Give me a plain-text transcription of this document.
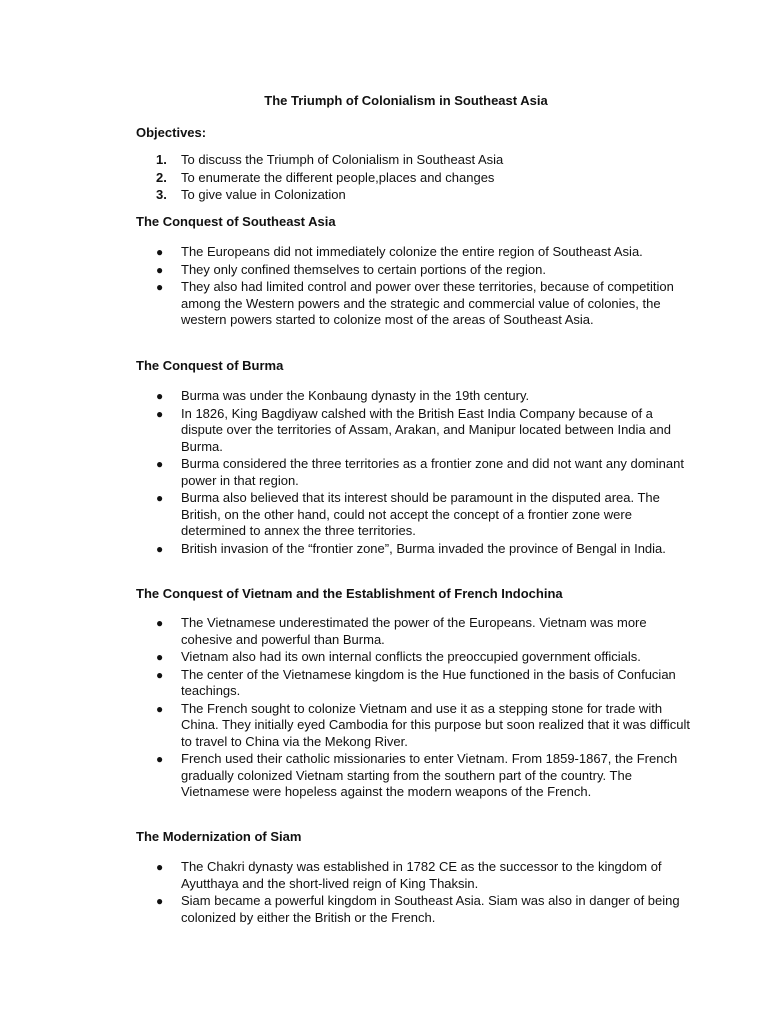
The Triumph of Colonialism in Southeast Asia

Objectives:

1. To discuss the Triumph of Colonialism in Southeast Asia
2. To enumerate the different people,places and changes
3. To give value in Colonization

The Conquest of Southeast Asia

● The Europeans did not immediately colonize the entire region of Southeast Asia.
● They only confined themselves to certain portions of the region.
● They also had limited control and power over these territories, because of competition among the Western powers and the strategic and commercial value of colonies, the western powers started to colonize most of the areas of Southeast Asia.

The Conquest of Burma

● Burma was under the Konbaung dynasty in the 19th century.
● In 1826, King Bagdiyaw calshed with the British East India Company because of a dispute over the territories of Assam, Arakan, and Manipur located between India and Burma.
● Burma considered the three territories as a frontier zone and did not want any dominant power in that region.
● Burma also believed that its interest should be paramount in the disputed area. The British, on the other hand, could not accept the concept of a frontier zone were determined to annex the three territories.
● British invasion of the “frontier zone”, Burma invaded the province of Bengal in India.

The Conquest of Vietnam and the Establishment of French Indochina

● The Vietnamese underestimated the power of the Europeans. Vietnam was more cohesive and powerful than Burma.
● Vietnam also had its own internal conflicts the preoccupied government officials.
● The center of the Vietnamese kingdom is the Hue functioned in the basis of Confucian teachings.
● The French sought to colonize Vietnam and use it as a stepping stone for trade with China. They initially eyed Cambodia for this purpose but soon realized that it was difficult to travel to China via the Mekong River.
● French used their catholic missionaries to enter Vietnam. From 1859-1867, the French gradually colonized Vietnam starting from the southern part of the country. The Vietnamese were hopeless against the modern weapons of the French.

The Modernization of Siam

● The Chakri dynasty was established in 1782 CE as the successor to the kingdom of Ayutthaya and the short-lived reign of King Thaksin.
● Siam became a powerful kingdom in Southeast Asia. Siam was also in danger of being colonized by either the British or the French.
